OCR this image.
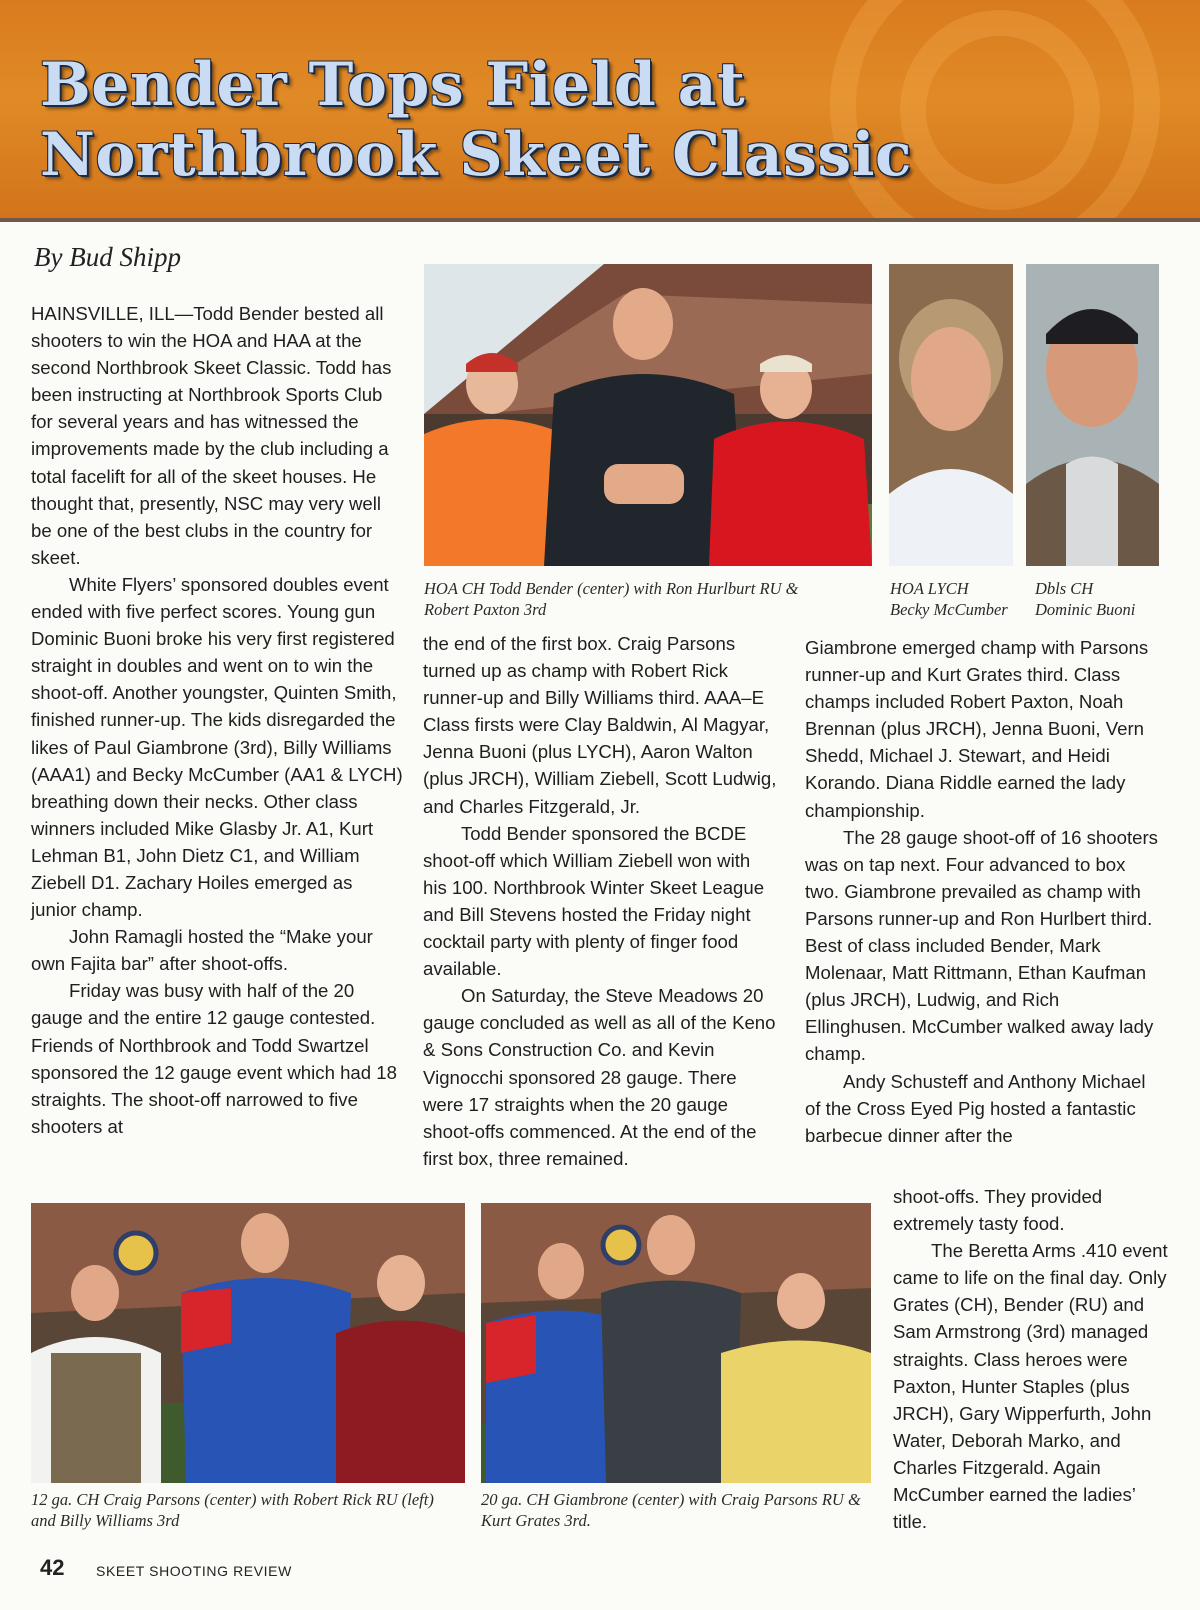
Bender Tops Field at
Northbrook Skeet Classic
By Bud Shipp
HOA CH Todd Bender (center) with Ron Hurlburt RU & Robert Paxton 3rd
HOA LYCH
Becky McCumber
Dbls CH
Dominic Buoni

HAINSVILLE, ILL—Todd Bender bested all shooters to win the HOA and HAA at the second Northbrook Skeet Classic. Todd has been instructing at Northbrook Sports Club for several years and has witnessed the improvements made by the club including a total facelift for all of the skeet houses. He thought that, presently, NSC may very well be one of the best clubs in the country for skeet.

White Flyers’ sponsored doubles event ended with five perfect scores. Young gun Dominic Buoni broke his very first registered straight in doubles and went on to win the shoot-off. Another youngster, Quinten Smith, finished runner-up. The kids disregarded the likes of Paul Giambrone (3rd), Billy Williams (AAA1) and Becky McCumber (AA1 & LYCH) breathing down their necks. Other class winners included Mike Glasby Jr. A1, Kurt Lehman B1, John Dietz C1, and William Ziebell D1. Zachary Hoiles emerged as junior champ.

John Ramagli hosted the “Make your own Fajita bar” after shoot-offs.

Friday was busy with half of the 20 gauge and the entire 12 gauge contested. Friends of Northbrook and Todd Swartzel sponsored the 12 gauge event which had 18 straights. The shoot-off narrowed to five shooters at

the end of the first box. Craig Parsons turned up as champ with Robert Rick runner-up and Billy Williams third. AAA–E Class firsts were Clay Baldwin, Al Magyar, Jenna Buoni (plus LYCH), Aaron Walton (plus JRCH), William Ziebell, Scott Ludwig, and Charles Fitzgerald, Jr.

Todd Bender sponsored the BCDE shoot-off which William Ziebell won with his 100. Northbrook Winter Skeet League and Bill Stevens hosted the Friday night cocktail party with plenty of finger food available.

On Saturday, the Steve Meadows 20 gauge concluded as well as all of the Keno & Sons Construction Co. and Kevin Vignocchi sponsored 28 gauge. There were 17 straights when the 20 gauge shoot-offs commenced. At the end of the first box, three remained.

Giambrone emerged champ with Parsons runner-up and Kurt Grates third. Class champs included Robert Paxton, Noah Brennan (plus JRCH), Jenna Buoni, Vern Shedd, Michael J. Stewart, and Heidi Korando. Diana Riddle earned the lady championship.

The 28 gauge shoot-off of 16 shooters was on tap next. Four advanced to box two. Giambrone prevailed as champ with Parsons runner-up and Ron Hurlbert third. Best of class included Bender, Mark Molenaar, Matt Rittmann, Ethan Kaufman (plus JRCH), Ludwig, and Rich Ellinghusen. McCumber walked away lady champ.

Andy Schusteff and Anthony Michael of the Cross Eyed Pig hosted a fantastic barbecue dinner after the

shoot-offs. They provided extremely tasty food.

The Beretta Arms .410 event came to life on the final day. Only Grates (CH), Bender (RU) and Sam Armstrong (3rd) managed straights. Class heroes were Paxton, Hunter Staples (plus JRCH), Gary Wipperfurth, John Water, Deborah Marko, and Charles Fitzgerald. Again McCumber earned the ladies’ title.

12 ga. CH Craig Parsons (center) with Robert Rick RU (left) and Billy Williams 3rd
20 ga. CH Giambrone (center) with Craig Parsons RU & Kurt Grates 3rd.
42 SKEET SHOOTING REVIEW
